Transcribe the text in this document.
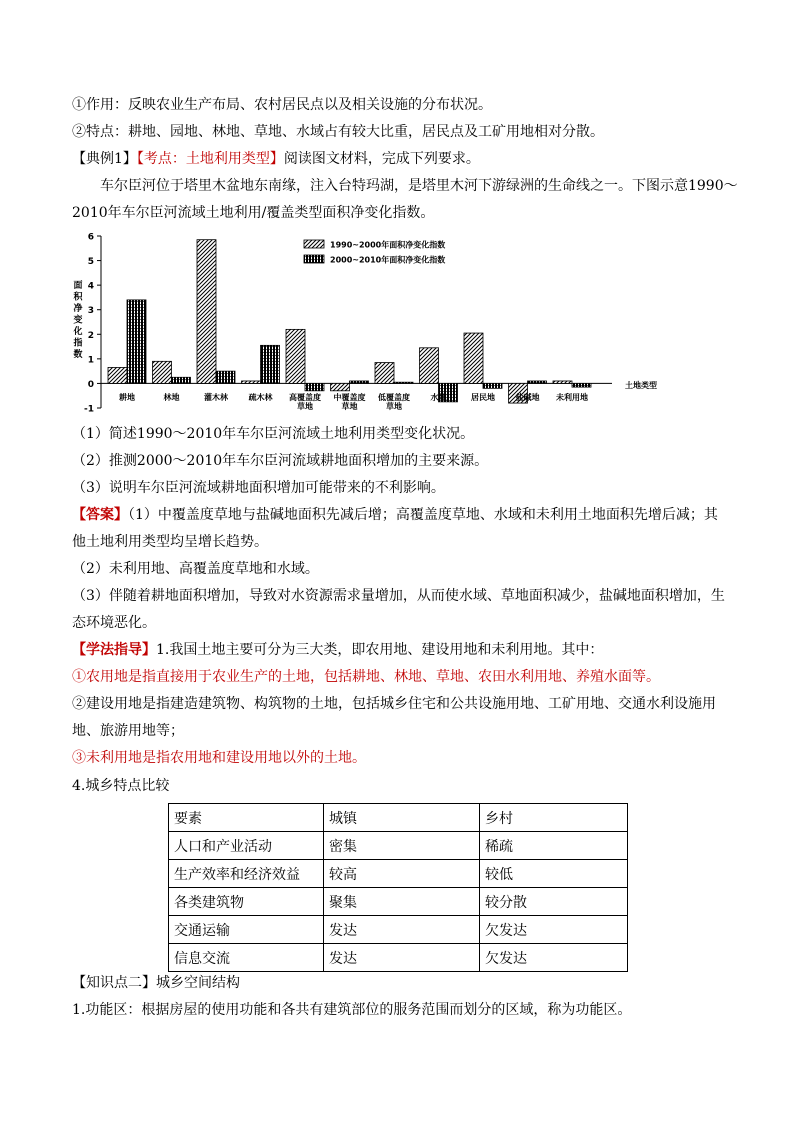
①作用：反映农业生产布局、农村居民点以及相关设施的分布状况。
②特点：耕地、园地、林地、草地、水域占有较大比重，居民点及工矿用地相对分散。
【典例1】【考点：土地利用类型】阅读图文材料，完成下列要求。
车尔臣河位于塔里木盆地东南缘，注入台特玛湖，是塔里木河下游绿洲的生命线之一。下图示意1990～
2010年车尔臣河流域土地利用/覆盖类型面积净变化指数。
-1
0
1
2
3
4
5
6
面
积
净
变
化
指
数
耕地	林地	灌木林	疏木林 高覆盖度
草地
中覆盖度
草地
低覆盖度
草地
水域	居民地	盐碱地 未利用地
土地类型
1990~2000年面积净变化指数
2000~2010年面积净变化指数
（1）简述1990～2010年车尔臣河流域土地利用类型变化状况。
（2）推测2000～2010年车尔臣河流域耕地面积增加的主要来源。
（3）说明车尔臣河流域耕地面积增加可能带来的不利影响。
【答案】（1）中覆盖度草地与盐碱地面积先减后增；高覆盖度草地、水域和未利用土地面积先增后减；其
他土地利用类型均呈增长趋势。
（2）未利用地、高覆盖度草地和水域。
（3）伴随着耕地面积增加，导致对水资源需求量增加，从而使水域、草地面积减少，盐碱地面积增加，生
态环境恶化。
【学法指导】1.我国土地主要可分为三大类，即农用地、建设用地和未利用地。其中：
①农用地是指直接用于农业生产的土地，包括耕地、林地、草地、农田水利用地、养殖水面等。
②建设用地是指建造建筑物、构筑物的土地，包括城乡住宅和公共设施用地、工矿用地、交通水利设施用
地、旅游用地等；
③未利用地是指农用地和建设用地以外的土地。
4.城乡特点比较
要素	城镇	乡村
人口和产业活动	密集	稀疏
生产效率和经济效益	较高	较低
各类建筑物	聚集	较分散
交通运输	发达	欠发达
信息交流	发达	欠发达
【知识点二】城乡空间结构
1.功能区：根据房屋的使用功能和各共有建筑部位的服务范围而划分的区域，称为功能区。
